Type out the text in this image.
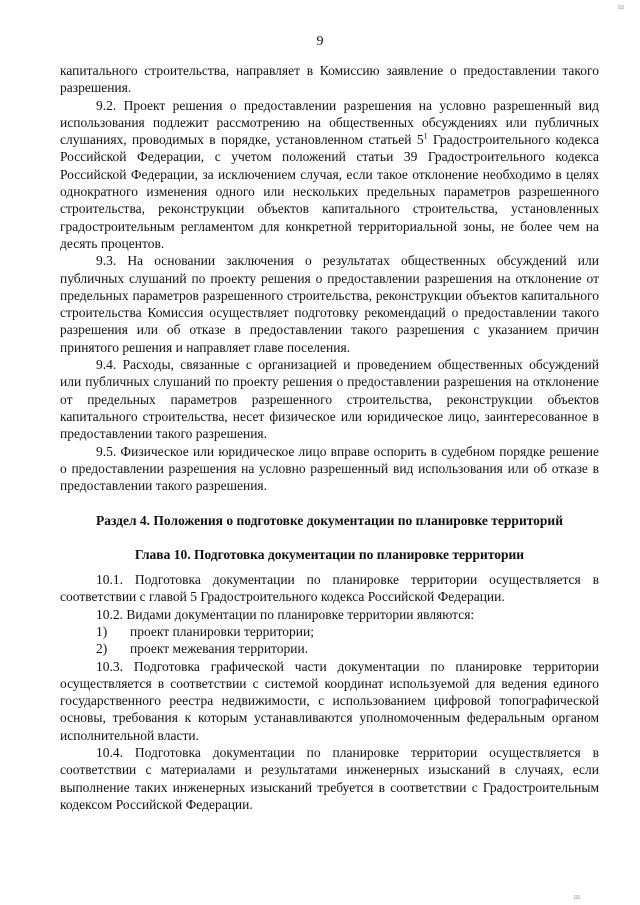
ш
9

капитального строительства, направляет в Комиссию заявление о предоставлении такого разрешения.

9.2. Проект решения о предоставлении разрешения на условно разрешенный вид использования подлежит рассмотрению на общественных обсуждениях или публичных слушаниях, проводимых в порядке, установленном статьей $5^1$ Градостроительного кодекса Российской Федерации, с учетом положений статьи 39 Градостроительного кодекса Российской Федерации, за исключением случая, если такое отклонение необходимо в целях однократного изменения одного или нескольких предельных параметров разрешенного строительства, реконструкции объектов капитального строительства, установленных градостроительным регламентом для конкретной территориальной зоны, не более чем на десять процентов.

9.3. На основании заключения о результатах общественных обсуждений или публичных слушаний по проекту решения о предоставлении разрешения на отклонение от предельных параметров разрешенного строительства, реконструкции объектов капитального строительства Комиссия осуществляет подготовку рекомендаций о предоставлении такого разрешения или об отказе в предоставлении такого разрешения с указанием причин принятого решения и направляет главе поселения.

9.4. Расходы, связанные с организацией и проведением общественных обсуждений или публичных слушаний по проекту решения о предоставлении разрешения на отклонение от предельных параметров разрешенного строительства, реконструкции объектов капитального строительства, несет физическое или юридическое лицо, заинтересованное в предоставлении такого разрешения.

9.5. Физическое или юридическое лицо вправе оспорить в судебном порядке решение о предоставлении разрешения на условно разрешенный вид использования или об отказе в предоставлении такого разрешения.

Раздел 4. Положения о подготовке документации по планировке территорий

Глава 10. Подготовка документации по планировке территории

10.1. Подготовка документации по планировке территории осуществляется в соответствии с главой 5 Градостроительного кодекса Российской Федерации.

10.2. Видами документации по планировке территории являются:

1)	проект планировки территории;
2)	проект межевания территории.

10.3. Подготовка графической части документации по планировке территории осуществляется в соответствии с системой координат используемой для ведения единого государственного реестра недвижимости, с использованием цифровой топографической основы, требования к которым устанавливаются уполномоченным федеральным органом исполнительной власти.

10.4. Подготовка документации по планировке территории осуществляется в соответствии с материалами и результатами инженерных изысканий в случаях, если выполнение таких инженерных изысканий требуется в соответствии с Градостроительным кодексом Российской Федерации.

ш
